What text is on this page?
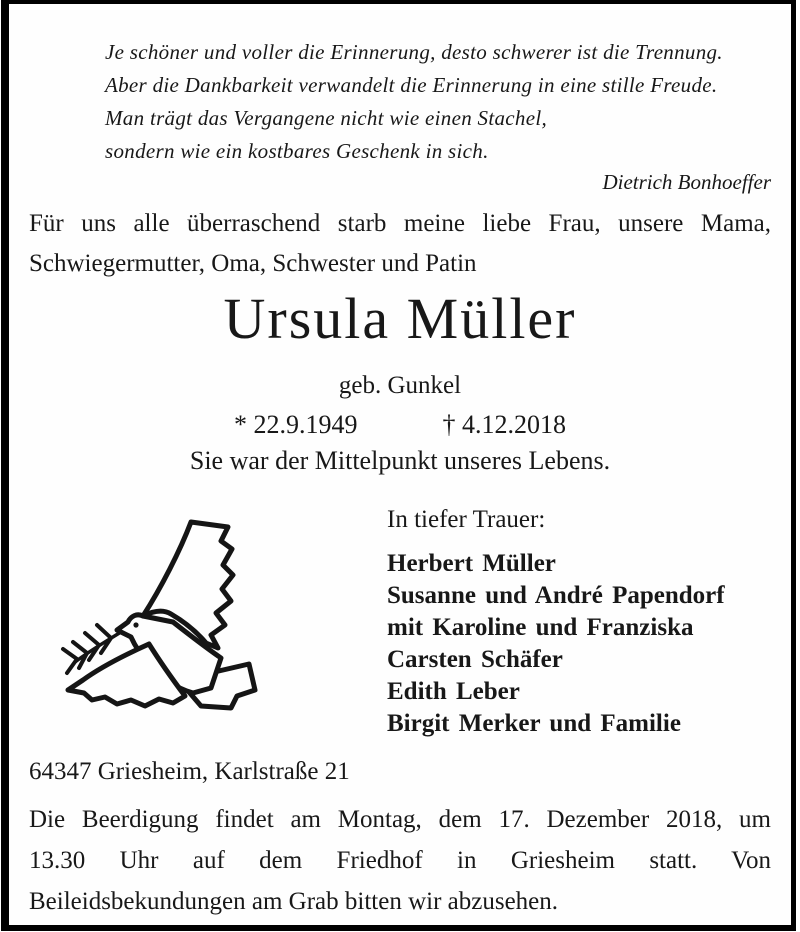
Je schöner und voller die Erinnerung, desto schwerer ist die Trennung.
Aber die Dankbarkeit verwandelt die Erinnerung in eine stille Freude.
Man trägt das Vergangene nicht wie einen Stachel,
sondern wie ein kostbares Geschenk in sich.
Dietrich Bonhoeffer
Für uns alle überraschend starb meine liebe Frau, unsere Mama,
Schwiegermutter, Oma, Schwester und Patin
Ursula Müller
geb. Gunkel
* 22.9.1949	† 4.12.2018
Sie war der Mittelpunkt unseres Lebens.
In tiefer Trauer:
Herbert Müller
Susanne und André Papendorf
mit Karoline und Franziska
Carsten Schäfer
Edith Leber
Birgit Merker und Familie
64347 Griesheim, Karlstraße 21
Die Beerdigung findet am Montag, dem 17. Dezember 2018, um
13.30 Uhr auf dem Friedhof in Griesheim statt. Von
Beileidsbekundungen am Grab bitten wir abzusehen.
